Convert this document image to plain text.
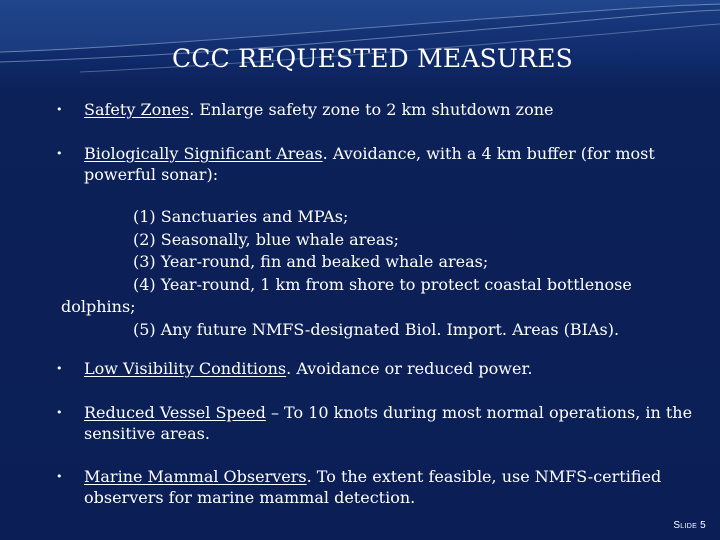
CCC REQUESTED MEASURES
• Safety Zones. Enlarge safety zone to 2 km shutdown zone
• Biologically Significant Areas. Avoidance, with a 4 km buffer (for most powerful sonar):
(1) Sanctuaries and MPAs;
(2) Seasonally, blue whale areas;
(3) Year-round, fin and beaked whale areas;
(4) Year-round, 1 km from shore to protect coastal bottlenose
dolphins;
(5) Any future NMFS-designated Biol. Import. Areas (BIAs).
• Low Visibility Conditions. Avoidance or reduced power.
• Reduced Vessel Speed – To 10 knots during most normal operations, in the sensitive areas.
• Marine Mammal Observers. To the extent feasible, use NMFS-certified observers for marine mammal detection.
Slide 5
